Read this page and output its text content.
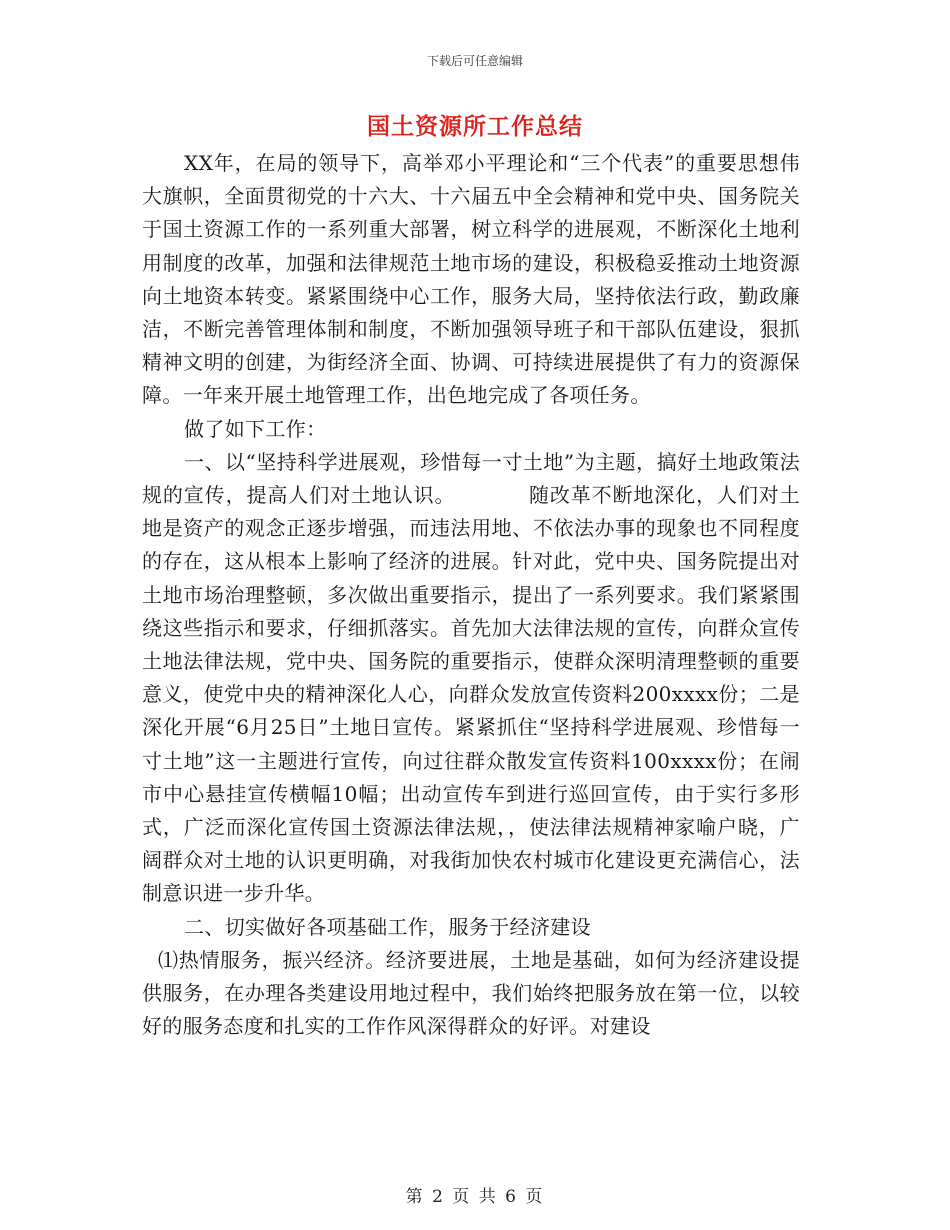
下载后可任意编辑
国土资源所工作总结

XX年，在局的领导下，高举邓小平理论和“三个代表”的重要思想伟大旗帜，全面贯彻党的十六大、十六届五中全会精神和党中央、国务院关于国土资源工作的一系列重大部署，树立科学的进展观，不断深化土地利用制度的改革，加强和法律规范土地市场的建设，积极稳妥推动土地资源向土地资本转变。紧紧围绕中心工作，服务大局，坚持依法行政，勤政廉洁，不断完善管理体制和制度，不断加强领导班子和干部队伍建设，狠抓精神文明的创建，为街经济全面、协调、可持续进展提供了有力的资源保障。一年来开展土地管理工作，出色地完成了各项任务。

做了如下工作：

一、以“坚持科学进展观，珍惜每一寸土地”为主题，搞好土地政策法规的宣传，提高人们对土地认识。　　　　随改革不断地深化，人们对土地是资产的观念正逐步增强，而违法用地、不依法办事的现象也不同程度的存在，这从根本上影响了经济的进展。针对此，党中央、国务院提出对土地市场治理整顿，多次做出重要指示，提出了一系列要求。我们紧紧围绕这些指示和要求，仔细抓落实。首先加大法律法规的宣传，向群众宣传土地法律法规，党中央、国务院的重要指示，使群众深明清理整顿的重要意义，使党中央的精神深化人心，向群众发放宣传资料200xxxx份；二是深化开展“6月25日”土地日宣传。紧紧抓住“坚持科学进展观、珍惜每一寸土地”这一主题进行宣传，向过往群众散发宣传资料100xxxx份；在闹市中心悬挂宣传横幅10幅；出动宣传车到进行巡回宣传，由于实行多形式，广泛而深化宣传国土资源法律法规，，使法律法规精神家喻户晓，广阔群众对土地的认识更明确，对我街加快农村城市化建设更充满信心，法制意识进一步升华。

二、切实做好各项基础工作，服务于经济建设

⑴热情服务，振兴经济。经济要进展，土地是基础，如何为经济建设提供服务，在办理各类建设用地过程中，我们始终把服务放在第一位，以较好的服务态度和扎实的工作作风深得群众的好评。对建设

第 2 页 共 6 页
